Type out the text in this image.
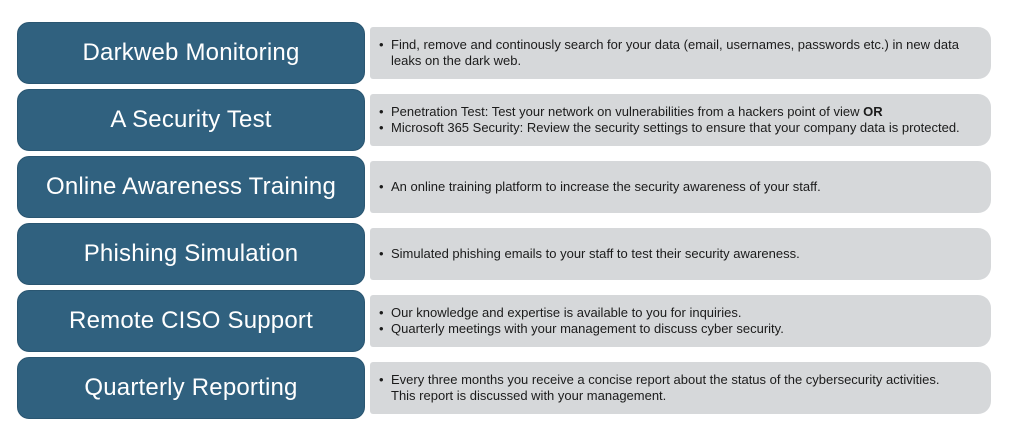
Darkweb Monitoring	• Find, remove and continously search for your data (email, usernames, passwords etc.) in new data
leaks on the dark web.
A Security Test	• Penetration Test: Test your network on vulnerabilities from a hackers point of view OR
• Microsoft 365 Security: Review the security settings to ensure that your company data is protected.
Online Awareness Training	• An online training platform to increase the security awareness of your staff.
Phishing Simulation	• Simulated phishing emails to your staff to test their security awareness.
Remote CISO Support	• Our knowledge and expertise is available to you for inquiries.
• Quarterly meetings with your management to discuss cyber security.
Quarterly Reporting	• Every three months you receive a concise report about the status of the cybersecurity activities.
This report is discussed with your management.
